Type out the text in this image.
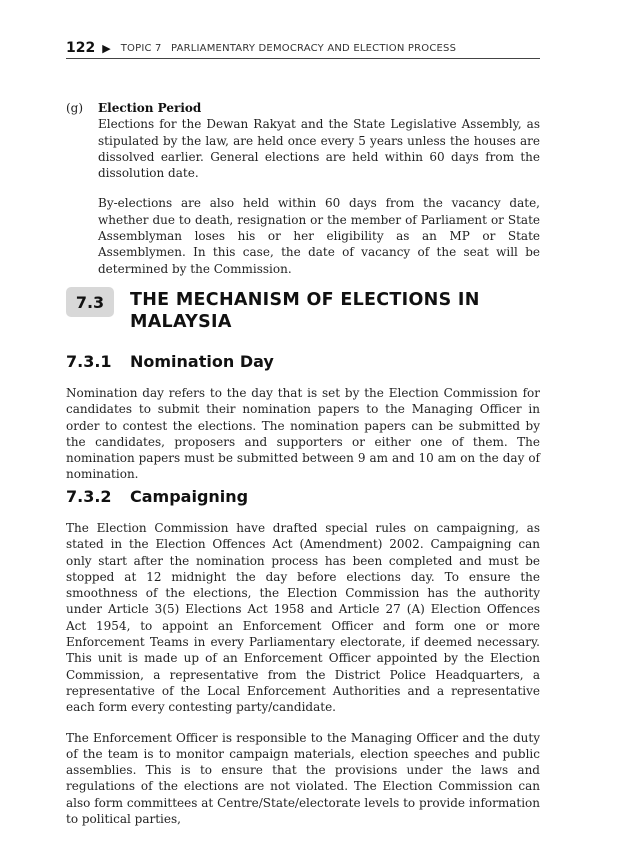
122 ▶ TOPIC 7 PARLIAMENTARY DEMOCRACY AND ELECTION PROCESS
(g) Election Period

Elections for the Dewan Rakyat and the State Legislative Assembly, as stipulated by the law, are held once every 5 years unless the houses are dissolved earlier. General elections are held within 60 days from the dissolution date.

By-elections are also held within 60 days from the vacancy date, whether due to death, resignation or the member of Parliament or State Assemblyman loses his or her eligibility as an MP or State Assemblymen. In this case, the date of vacancy of the seat will be determined by the Commission.

7.3	THE MECHANISM OF ELECTIONS IN MALAYSIA
7.3.1 Nomination Day

Nomination day refers to the day that is set by the Election Commission for candidates to submit their nomination papers to the Managing Officer in order to contest the elections. The nomination papers can be submitted by the candidates, proposers and supporters or either one of them. The nomination papers must be submitted between 9 am and 10 am on the day of nomination.

7.3.2 Campaigning

The Election Commission have drafted special rules on campaigning, as stated in the Election Offences Act (Amendment) 2002. Campaigning can only start after the nomination process has been completed and must be stopped at 12 midnight the day before elections day. To ensure the smoothness of the elections, the Election Commission has the authority under Article 3(5) Elections Act 1958 and Article 27 (A) Election Offences Act 1954, to appoint an Enforcement Officer and form one or more Enforcement Teams in every Parliamentary electorate, if deemed necessary. This unit is made up of an Enforcement Officer appointed by the Election Commission, a representative from the District Police Headquarters, a representative of the Local Enforcement Authorities and a representative each form every contesting party/candidate.

The Enforcement Officer is responsible to the Managing Officer and the duty of the team is to monitor campaign materials, election speeches and public assemblies. This is to ensure that the provisions under the laws and regulations of the elections are not violated. The Election Commission can also form committees at Centre/State/electorate levels to provide information to political parties,
